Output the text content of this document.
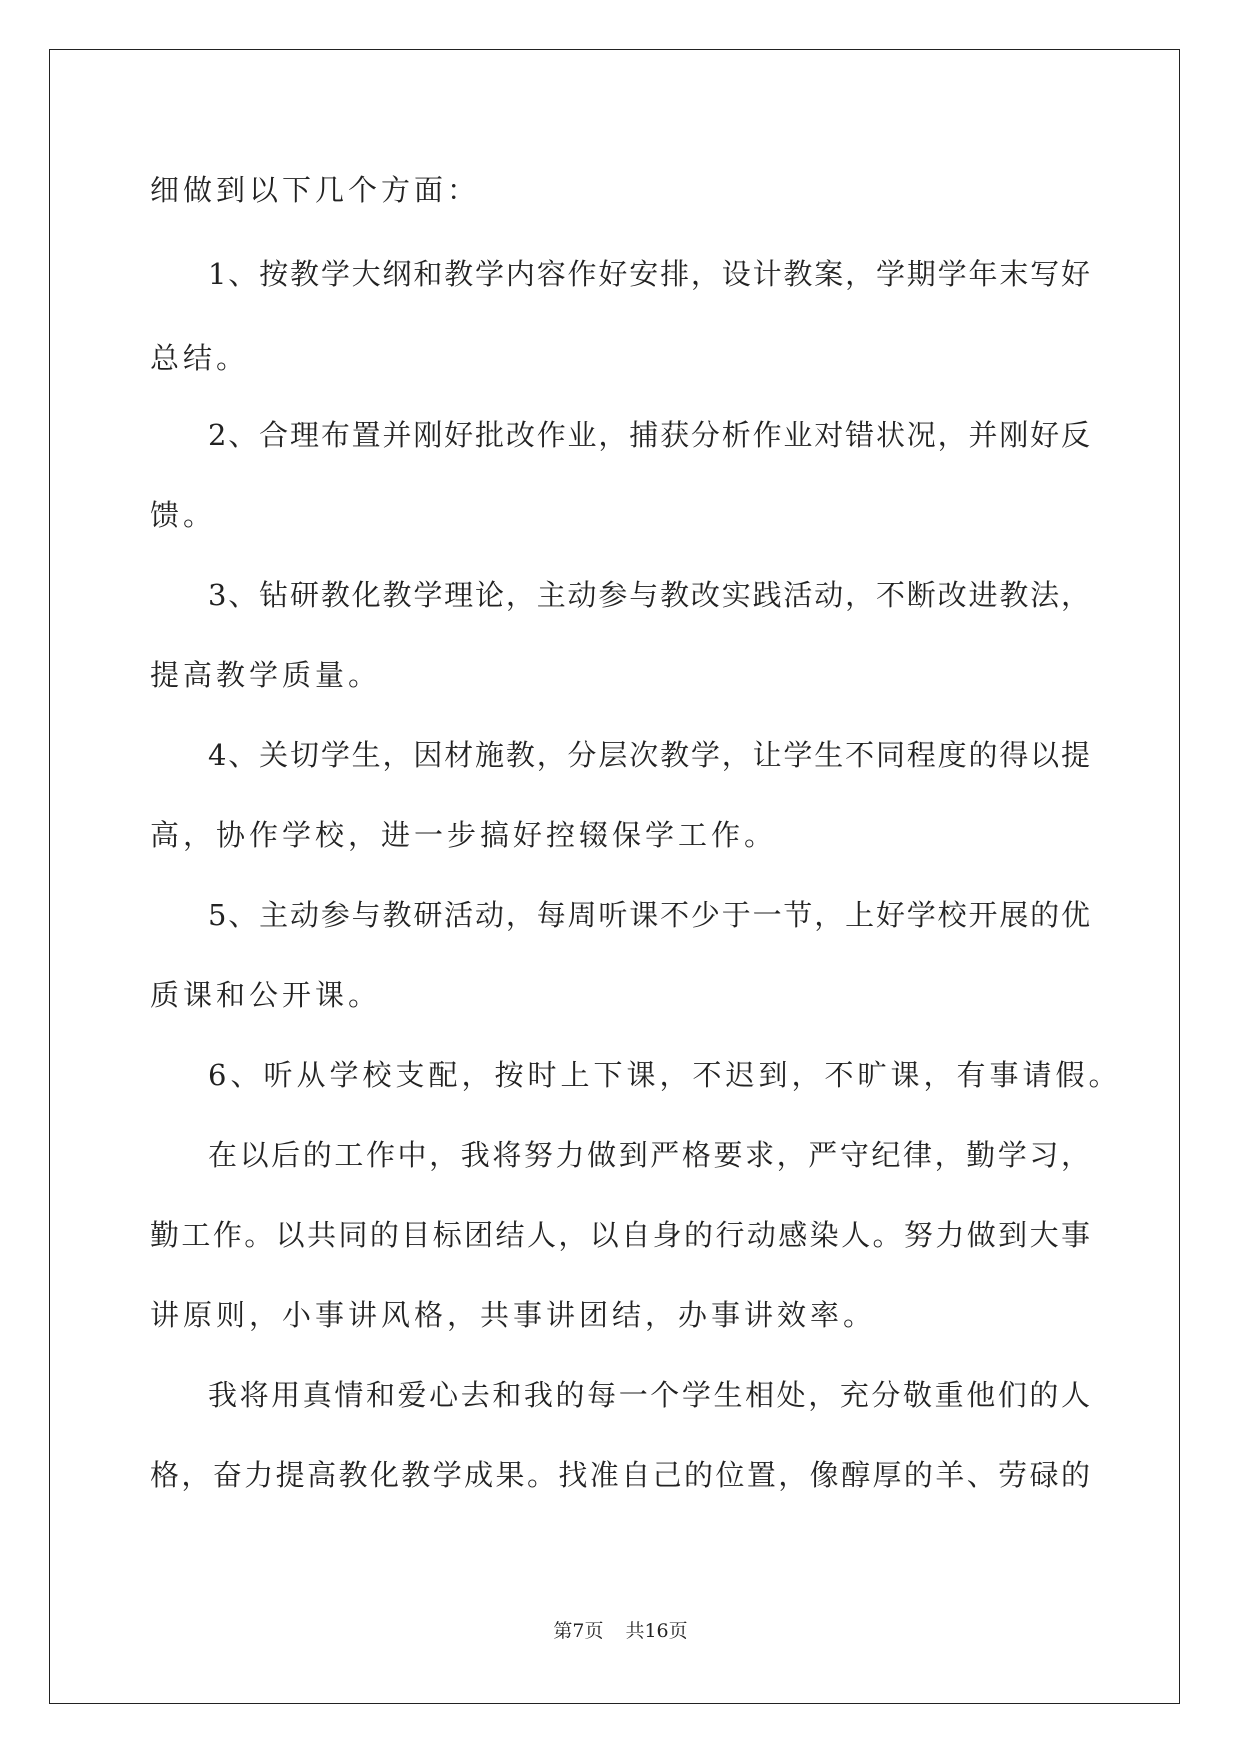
细做到以下几个方面：
1、按教学大纲和教学内容作好安排，设计教案，学期学年末写好
总结。
2、合理布置并刚好批改作业，捕获分析作业对错状况，并刚好反
馈。
3、钻研教化教学理论，主动参与教改实践活动，不断改进教法，
提高教学质量。
4、关切学生，因材施教，分层次教学，让学生不同程度的得以提
高，协作学校，进一步搞好控辍保学工作。
5、主动参与教研活动，每周听课不少于一节，上好学校开展的优
质课和公开课。
6、听从学校支配，按时上下课，不迟到，不旷课，有事请假。
在以后的工作中，我将努力做到严格要求，严守纪律，勤学习，
勤工作。以共同的目标团结人，以自身的行动感染人。努力做到大事
讲原则，小事讲风格，共事讲团结，办事讲效率。
我将用真情和爱心去和我的每一个学生相处，充分敬重他们的人
格，奋力提高教化教学成果。找准自己的位置，像醇厚的羊、劳碌的
第7页 共16页
